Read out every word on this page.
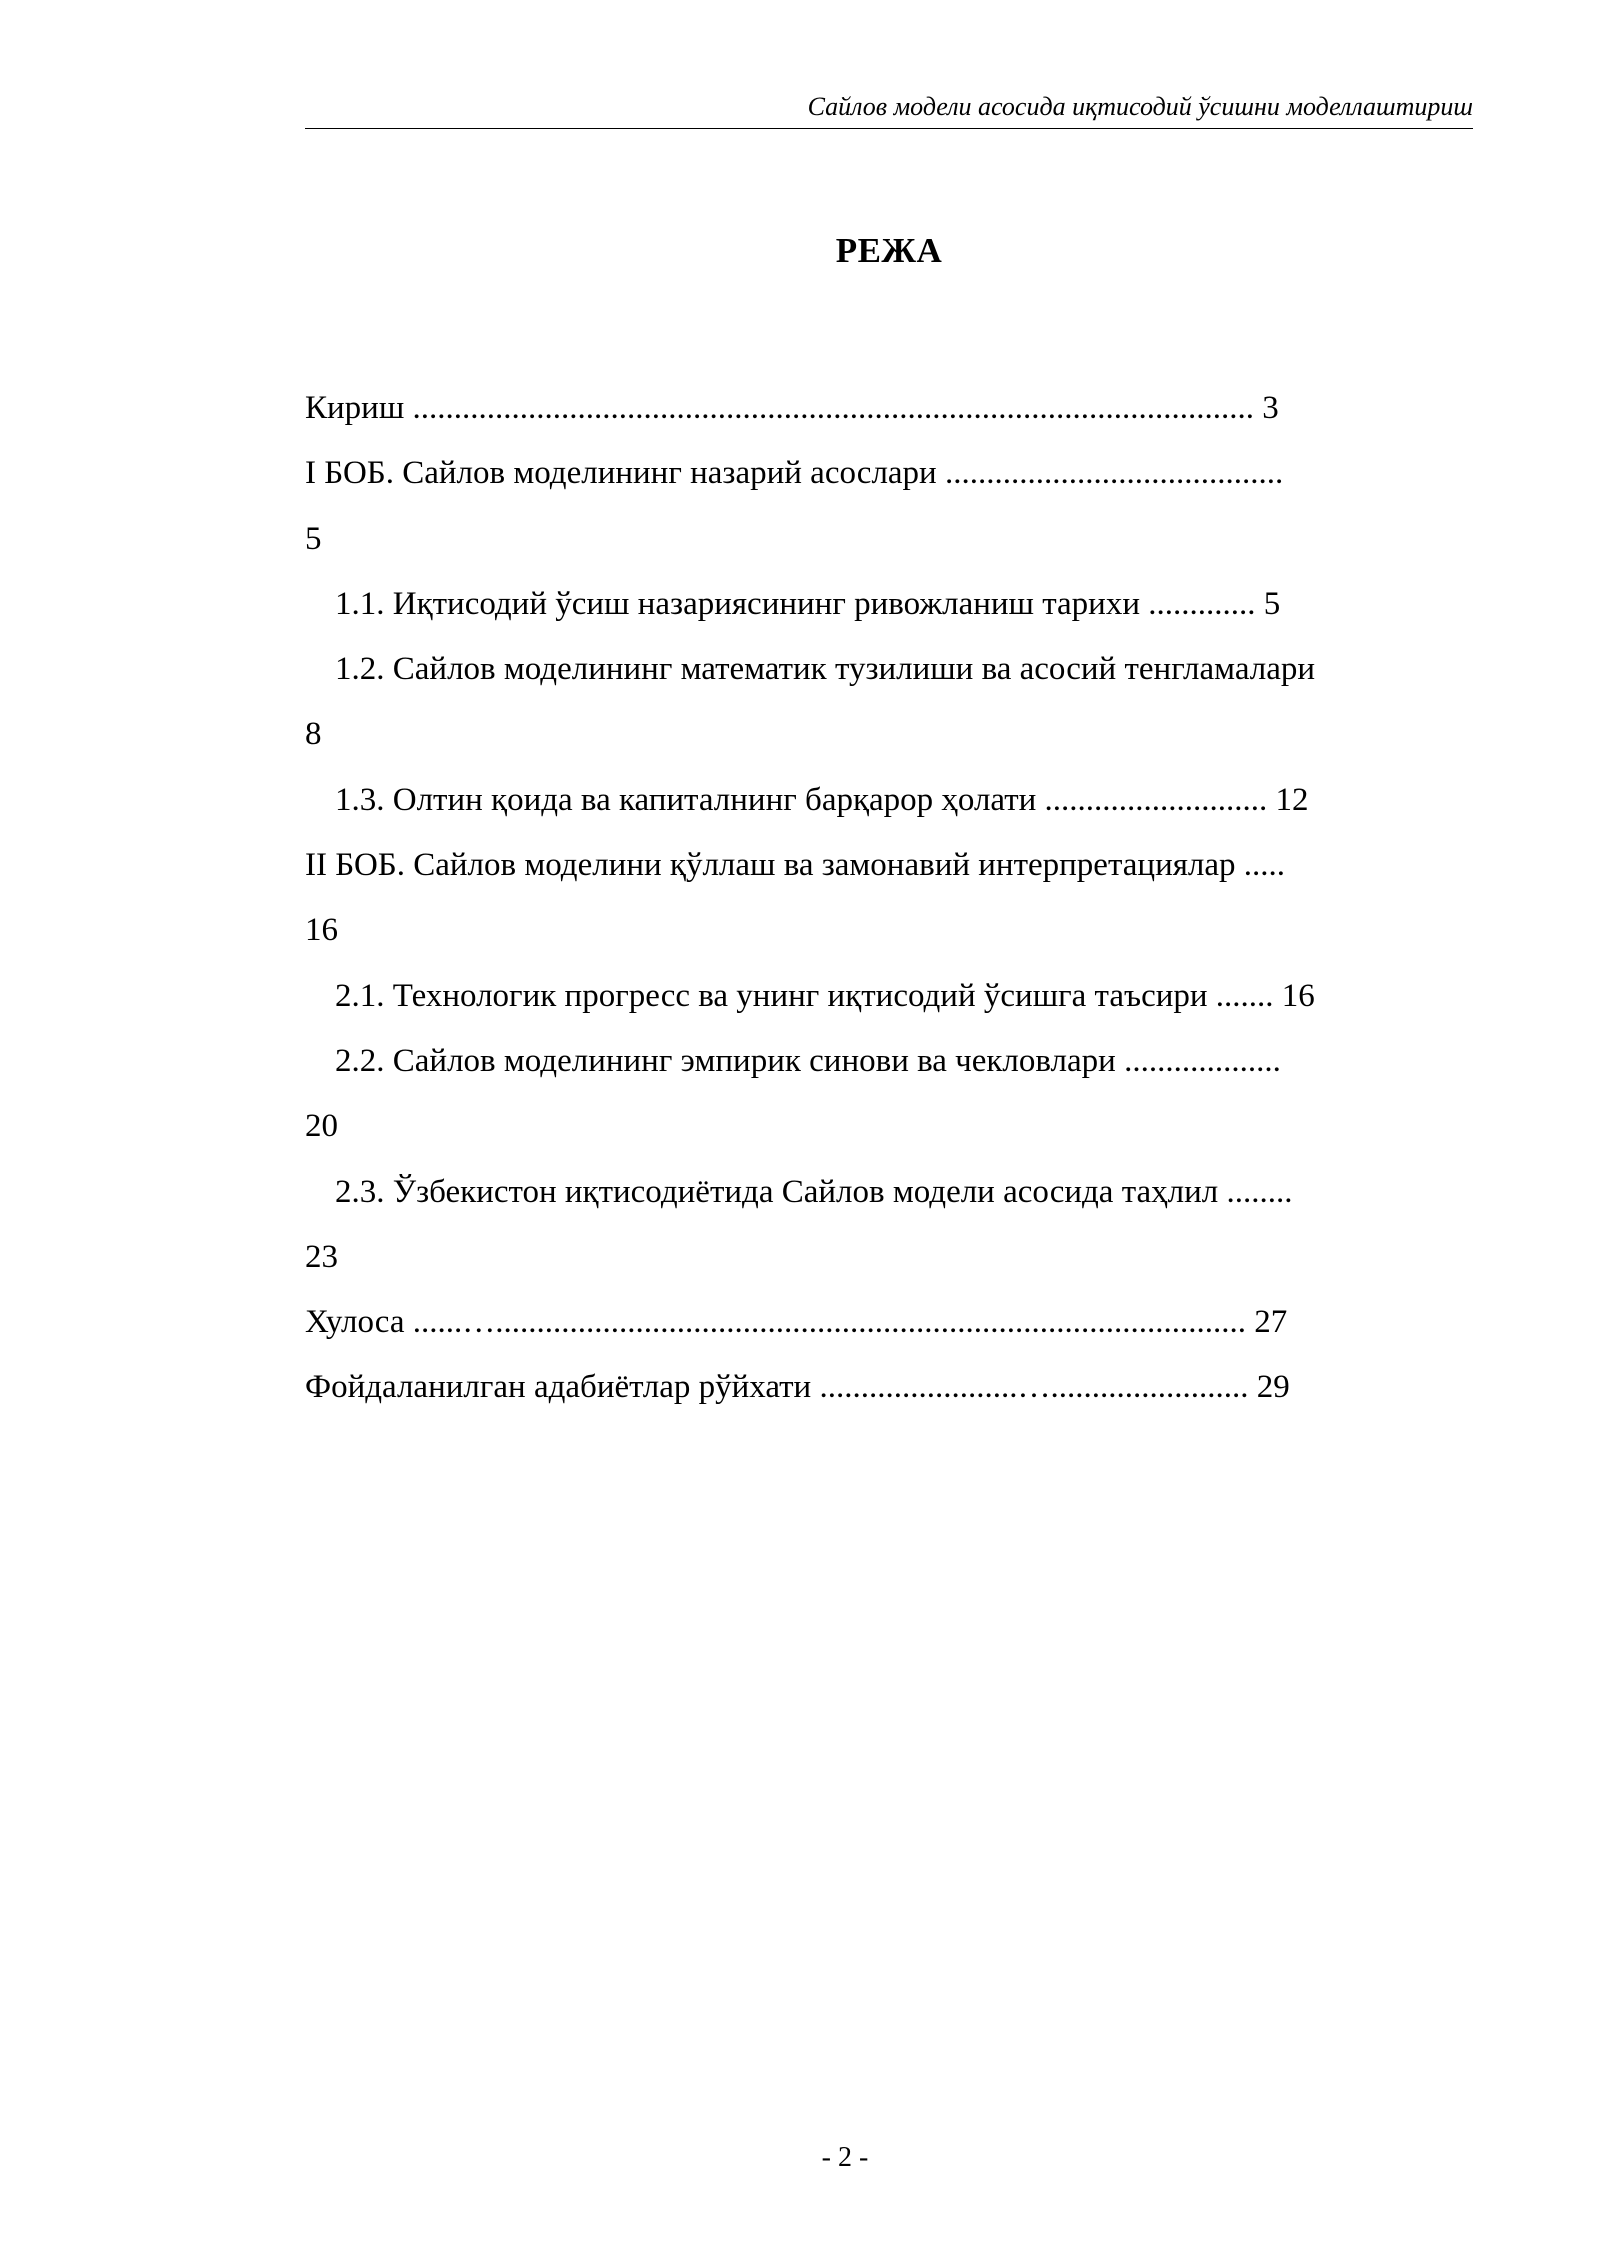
Сайлов модели асосида иқтисодий ўсишни моделлаштириш
РЕЖА
Кириш ...................................................................................................... 3
I БОБ. Сайлов моделининг назарий асослари .........................................
5
1.1. Иқтисодий ўсиш назариясининг ривожланиш тарихи ............. 5
1.2. Сайлов моделининг математик тузилиши ва асосий тенгламалари
8
1.3. Олтин қоида ва капиталнинг барқарор ҳолати ........................... 12
II БОБ. Сайлов моделини қўллаш ва замонавий интерпретациялар .....
16
2.1. Технологик прогресс ва унинг иқтисодий ўсишга таъсири ....... 16
2.2. Сайлов моделининг эмпирик синови ва чекловлари ...................
20
2.3. Ўзбекистон иқтисодиётида Сайлов модели асосида таҳлил ........
23
Хулоса ......…........................................................................................... 27
Фойдаланилган адабиётлар рўйхати ........................…........................ 29
- 2 -
